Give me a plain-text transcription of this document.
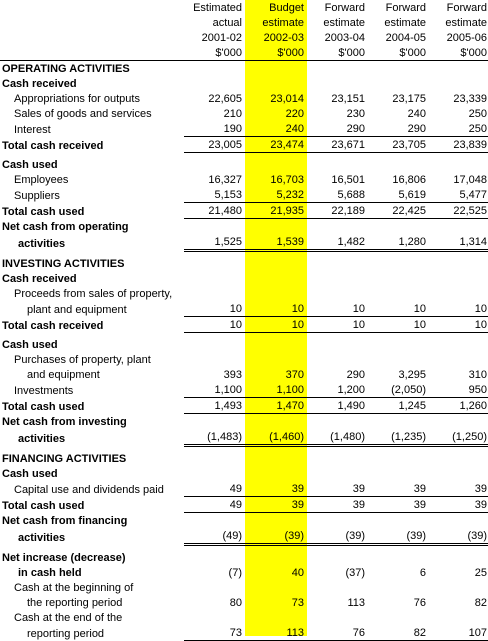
	Estimated	Budget	Forward	Forward	Forward
	actual	estimate	estimate	estimate	estimate
	2001-02	2002-03	2003-04	2004-05	2005-06
	$'000	$'000	$'000	$'000	$'000
OPERATING ACTIVITIES					
Cash received					
Appropriations for outputs	22,605	23,014	23,151	23,175	23,339
Sales of goods and services	210	220	230	240	250
Interest	190	240	290	290	250
Total cash received	23,005	23,474	23,671	23,705	23,839

Cash used					
Employees	16,327	16,703	16,501	16,806	17,048
Suppliers	5,153	5,232	5,688	5,619	5,477
Total cash used	21,480	21,935	22,189	22,425	22,525
Net cash from operating					
activities	1,525	1,539	1,482	1,280	1,314

INVESTING ACTIVITIES					
Cash received					
Proceeds from sales of property,					
plant and equipment	10	10	10	10	10
Total cash received	10	10	10	10	10

Cash used					
Purchases of property, plant					
and equipment	393	370	290	3,295	310
Investments	1,100	1,100	1,200	(2,050)	950
Total cash used	1,493	1,470	1,490	1,245	1,260
Net cash from investing					
activities	(1,483)	(1,460)	(1,480)	(1,235)	(1,250)

FINANCING ACTIVITIES					
Cash used					
Capital use and dividends paid	49	39	39	39	39
Total cash used	49	39	39	39	39
Net cash from financing					
activities	(49)	(39)	(39)	(39)	(39)

Net increase (decrease)					
in cash held	(7)	40	(37)	6	25
Cash at the beginning of					
the reporting period	80	73	113	76	82
Cash at the end of the					
reporting period	73	113	76	82	107
